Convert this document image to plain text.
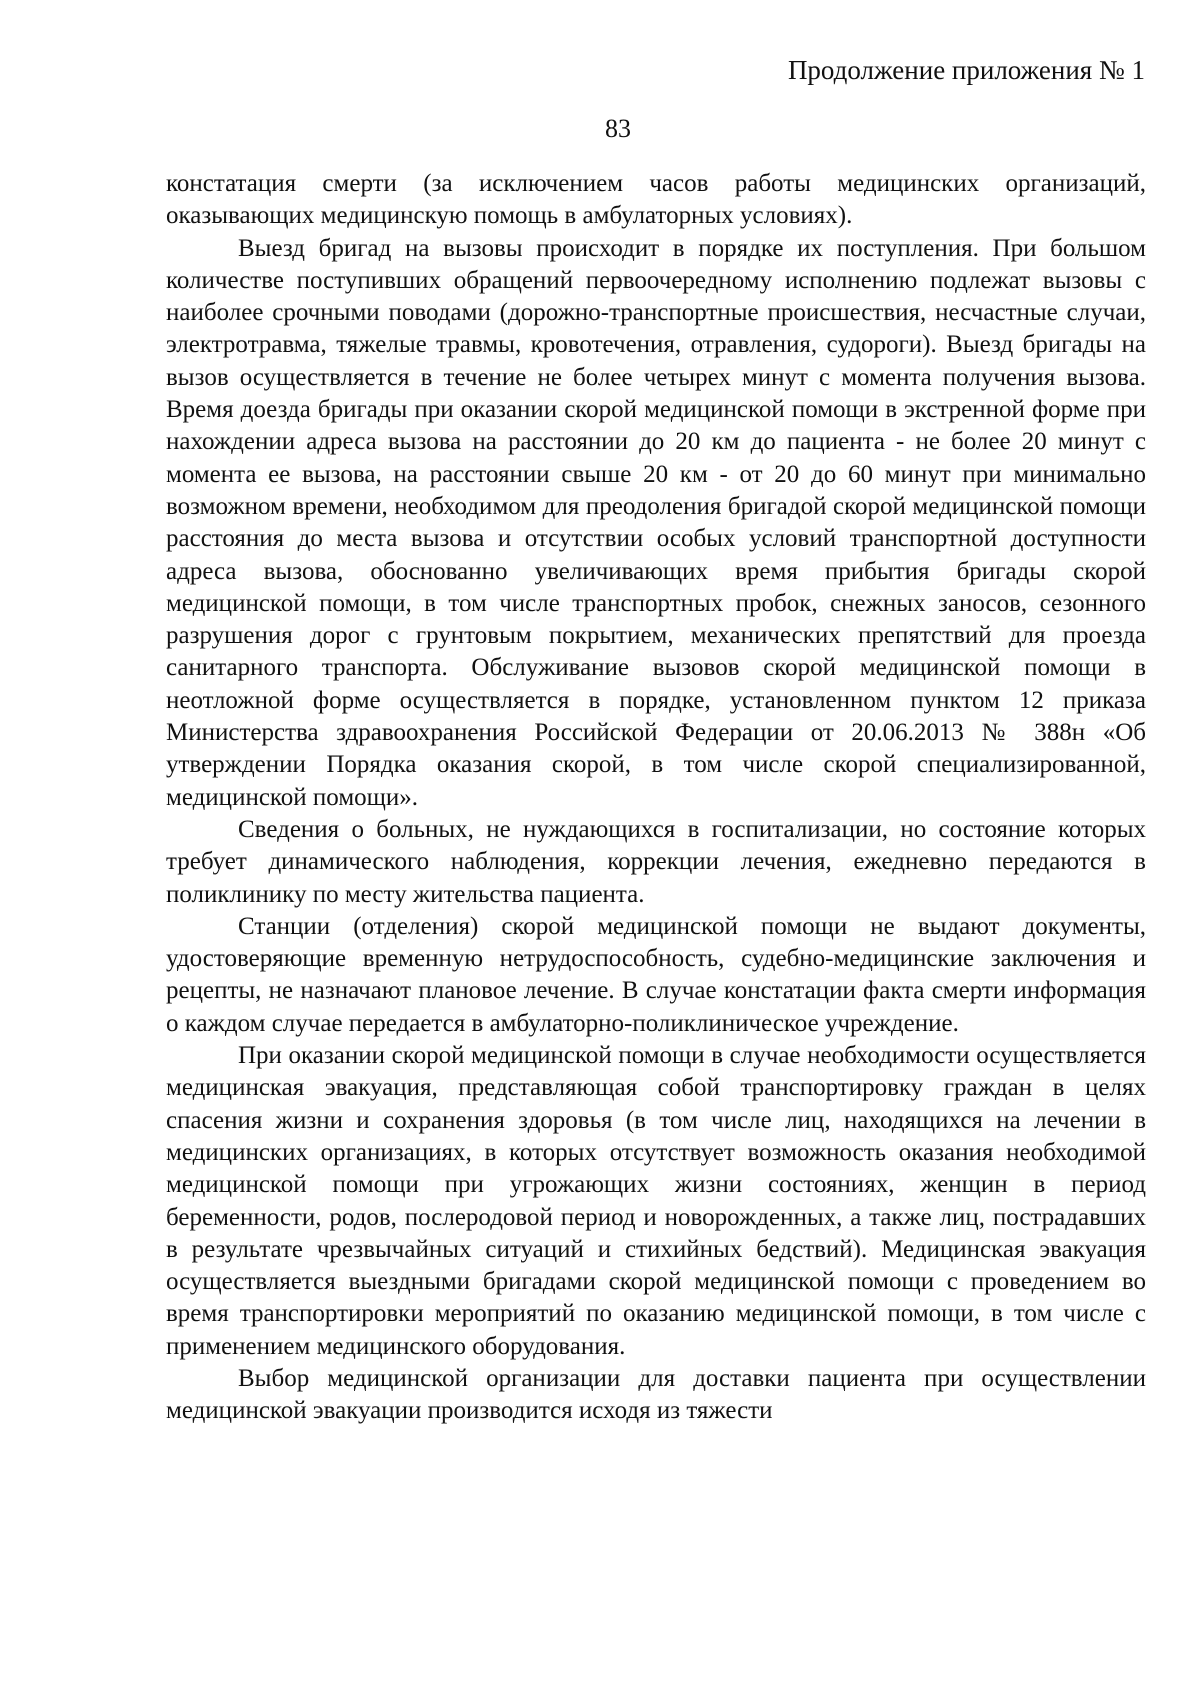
Продолжение приложения № 1
83

констатация смерти (за исключением часов работы медицинских организаций, оказывающих медицинскую помощь в амбулаторных условиях).

Выезд бригад на вызовы происходит в порядке их поступления. При большом количестве поступивших обращений первоочередному исполнению подлежат вызовы с наиболее срочными поводами (дорожно-транспортные происшествия, несчастные случаи, электротравма, тяжелые травмы, кровотечения, отравления, судороги). Выезд бригады на вызов осуществляется в течение не более четырех минут с момента получения вызова. Время доезда бригады при оказании скорой медицинской помощи в экстренной форме при нахождении адреса вызова на расстоянии до 20 км до пациента - не более 20 минут с момента ее вызова, на расстоянии свыше 20 км - от 20 до 60 минут при минимально возможном времени, необходимом для преодоления бригадой скорой медицинской помощи расстояния до места вызова и отсутствии особых условий транспортной доступности адреса вызова, обоснованно увеличивающих время прибытия бригады скорой медицинской помощи, в том числе транспортных пробок, снежных заносов, сезонного разрушения дорог с грунтовым покрытием, механических препятствий для проезда санитарного транспорта. Обслуживание вызовов скорой медицинской помощи в неотложной форме осуществляется в порядке, установленном пунктом 12 приказа Министерства здравоохранения Российской Федерации от 20.06.2013 № 388н «Об утверждении Порядка оказания скорой, в том числе скорой специализированной, медицинской помощи».

Сведения о больных, не нуждающихся в госпитализации, но состояние которых требует динамического наблюдения, коррекции лечения, ежедневно передаются в поликлинику по месту жительства пациента.

Станции (отделения) скорой медицинской помощи не выдают документы, удостоверяющие временную нетрудоспособность, судебно-медицинские заключения и рецепты, не назначают плановое лечение. В случае констатации факта смерти информация о каждом случае передается в амбулаторно-поликлиническое учреждение.

При оказании скорой медицинской помощи в случае необходимости осуществляется медицинская эвакуация, представляющая собой транспортировку граждан в целях спасения жизни и сохранения здоровья (в том числе лиц, находящихся на лечении в медицинских организациях, в которых отсутствует возможность оказания необходимой медицинской помощи при угрожающих жизни состояниях, женщин в период беременности, родов, послеродовой период и новорожденных, а также лиц, пострадавших в результате чрезвычайных ситуаций и стихийных бедствий). Медицинская эвакуация осуществляется выездными бригадами скорой медицинской помощи с проведением во время транспортировки мероприятий по оказанию медицинской помощи, в том числе с применением медицинского оборудования.

Выбор медицинской организации для доставки пациента при осуществлении медицинской эвакуации производится исходя из тяжести
